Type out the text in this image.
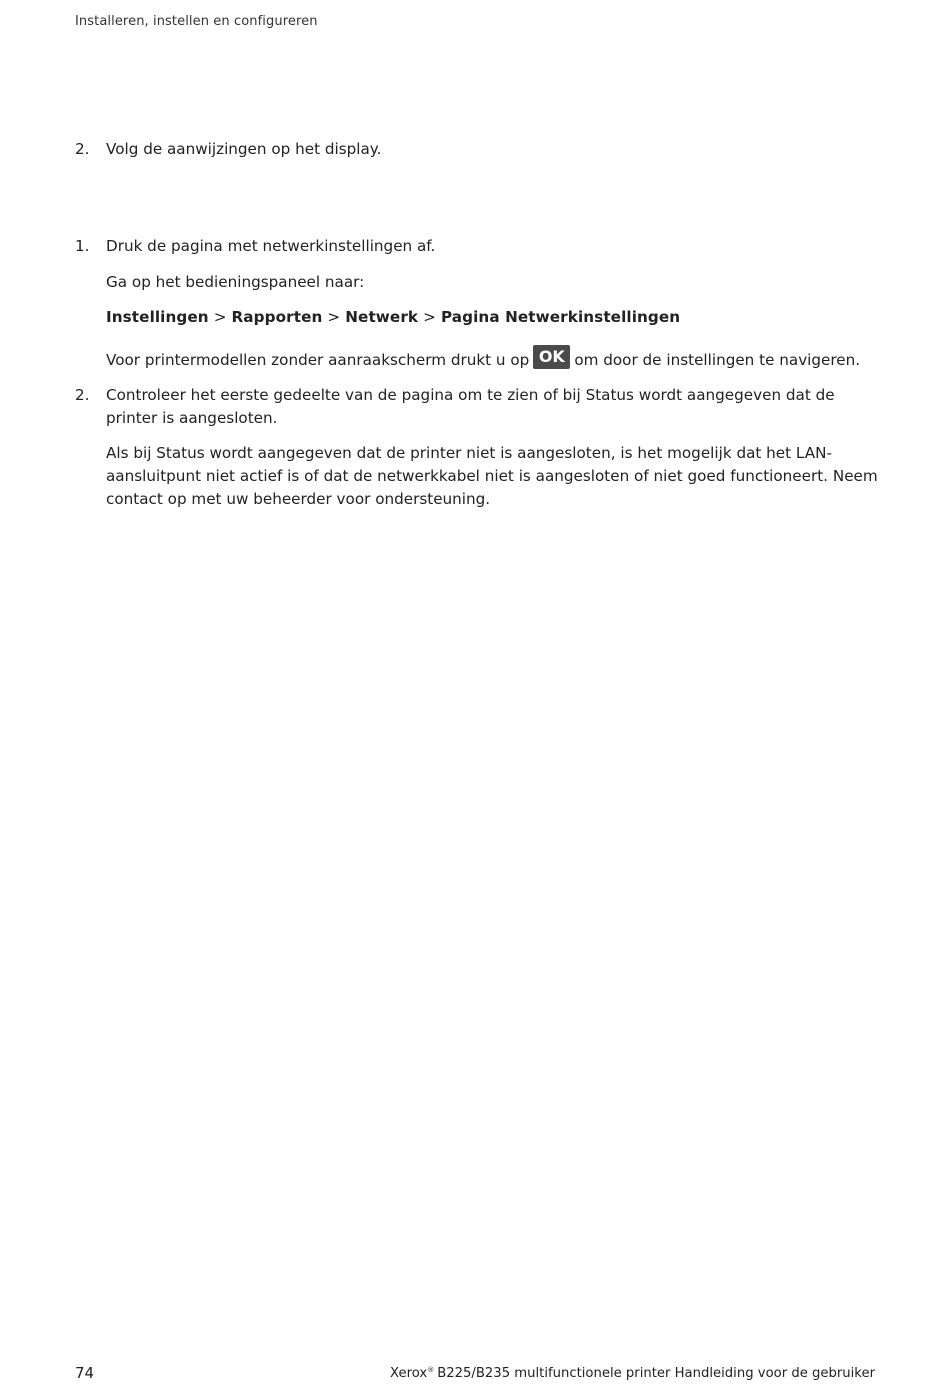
Installeren, instellen en configureren
2.	Volg de aanwijzingen op het display.
1.	Druk de pagina met netwerkinstellingen af.
Ga op het bedieningspaneel naar:
Instellingen > Rapporten > Netwerk > Pagina Netwerkinstellingen
Voor printermodellen zonder aanraakscherm drukt u op OK om door de instellingen te navigeren.
2.	Controleer het eerste gedeelte van de pagina om te zien of bij Status wordt aangegeven dat de printer is aangesloten.
Als bij Status wordt aangegeven dat de printer niet is aangesloten, is het mogelijk dat het LAN-aansluitpunt niet actief is of dat de netwerkkabel niet is aangesloten of niet goed functioneert. Neem contact op met uw beheerder voor ondersteuning.
74	Xerox® B225/B235 multifunctionele printer Handleiding voor de gebruiker
